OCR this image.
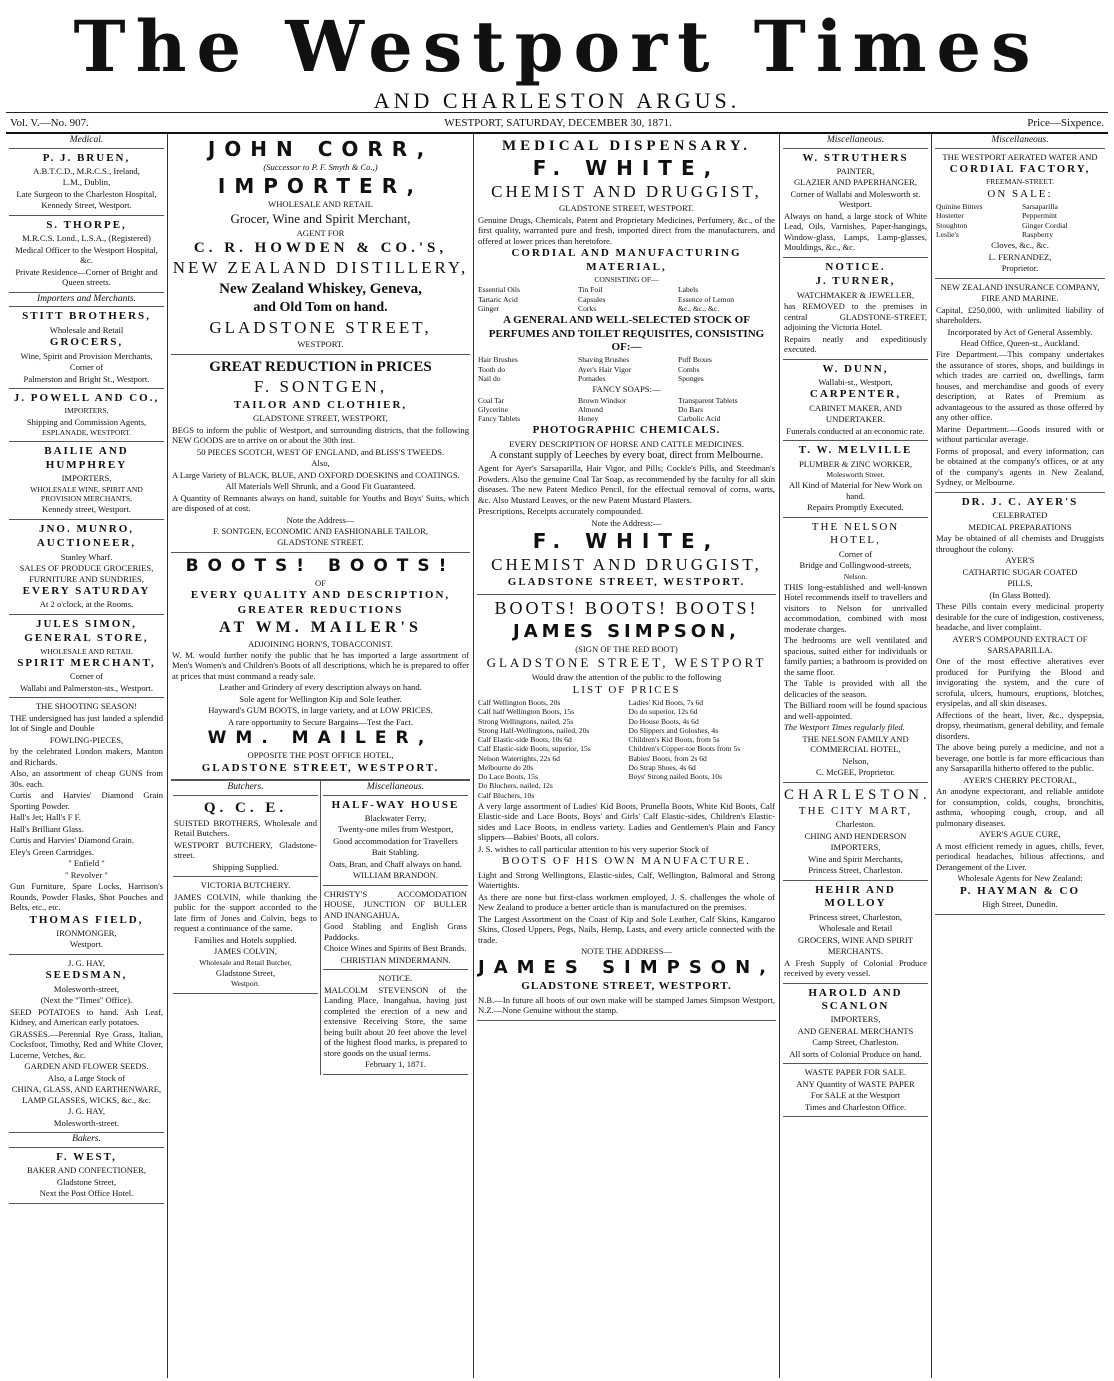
The Westport Times
AND CHARLESTON ARGUS.
Vol. V.—No. 907.	WESTPORT, SATURDAY, DECEMBER 30, 1871.	Price—Sixpence.
Medical.

P. J. BRUEN,

A.B.T.C.D., M.R.C.S., Ireland,

L.M., Dublin,

Late Surgeon to the Charleston Hospital,

Kennedy Street, Westport.

S. THORPE,

M.R.C.S. Lond., L.S.A., (Registered)

Medical Officer to the Westport Hospital, &c.

Private Residence—Corner of Bright and Queen streets.

Importers and Merchants.

STITT BROTHERS,

Wholesale and Retail

GROCERS,

Wine, Spirit and Provision Merchants,

Corner of

Palmerston and Bright St., Westport.

J. POWELL AND CO.,

IMPORTERS,

Shipping and Commission Agents,

ESPLANADE, WESTPORT.

BAILIE AND HUMPHREY

IMPORTERS,

WHOLESALE WINE, SPIRIT AND PROVISION MERCHANTS,

Kennedy street, Westport.

JNO. MUNRO,

AUCTIONEER,

Stanley Wharf.

SALES OF PRODUCE GROCERIES, FURNITURE AND SUNDRIES,

EVERY SATURDAY

At 2 o'clock, at the Rooms.

JULES SIMON,

GENERAL STORE,

WHOLESALE AND RETAIL

SPIRIT MERCHANT,

Corner of

Wallabi and Palmerston-sts., Westport.

THE SHOOTING SEASON!

THE undersigned has just landed a splendid lot of Single and Double

FOWLING-PIECES,

by the celebrated London makers, Manton and Richards.

Also, an assortment of cheap GUNS from 30s. each.

Curtis and Harvies' Diamond Grain Sporting Powder.

Hall's Jet; Hall's F F.

Hall's Brilliant Glass.

Curtis and Harvies' Diamond Grain.

Eley's Green Cartridges.

" Enfield "

" Revolver "

Gun Furniture, Spare Locks, Harrison's Rounds, Powder Flasks, Shot Pouches and Belts, etc., etc.

THOMAS FIELD,

IRONMONGER,

Westport.

J. G. HAY,

SEEDSMAN,

Molesworth-street,

(Next the "Times" Office).

SEED POTATOES to hand. Ash Leaf, Kidney, and American early potatoes.

GRASSES.—Perennial Rye Grass, Italian, Cocksfoot, Timothy, Red and White Clover, Lucerne, Vetches, &c.

GARDEN AND FLOWER SEEDS.

Also, a Large Stock of

CHINA, GLASS, AND EARTHENWARE, LAMP GLASSES, WICKS, &c., &c.

J. G. HAY,

Molesworth-street.

Bakers.

F. WEST,

BAKER AND CONFECTIONER,

Gladstone Street,

Next the Post Office Hotel.

JOHN CORR,

(Successor to P. F. Smyth & Co.,)

IMPORTER,

WHOLESALE AND RETAIL

Grocer, Wine and Spirit Merchant,

AGENT FOR

C. R. HOWDEN & CO.'S,

NEW ZEALAND DISTILLERY,

New Zealand Whiskey, Geneva,

and Old Tom on hand.

GLADSTONE STREET,

WESTPORT.

GREAT REDUCTION in PRICES

F. SONTGEN,

TAILOR AND CLOTHIER,

GLADSTONE STREET, WESTPORT,

BEGS to inform the public of Westport, and surrounding districts, that the following NEW GOODS are to arrive on or about the 30th inst.

50 PIECES SCOTCH, WEST OF ENGLAND, and BLISS'S TWEEDS.

Also,

A Large Variety of BLACK, BLUE, AND OXFORD DOESKINS and COATINGS.

All Materials Well Shrunk, and a Good Fit Guaranteed.

A Quantity of Remnants always on hand, suitable for Youths and Boys' Suits, which are disposed of at cost.

Note the Address—

F. SONTGEN, ECONOMIC AND FASHIONABLE TAILOR,

GLADSTONE STREET.

BOOTS! BOOTS!

OF

EVERY QUALITY AND DESCRIPTION,

GREATER REDUCTIONS

AT WM. MAILER'S

ADJOINING HORN'S, TOBACCONIST.

W. M. would further notify the public that he has imported a large assortment of Men's Women's and Children's Boots of all descriptions, which he is prepared to offer at prices that must command a ready sale.

Leather and Grindery of every description always on hand.

Sole agent for Wellington Kip and Sole leather.

Hayward's GUM BOOTS, in large variety, and at LOW PRICES.

A rare opportunity to Secure Bargains—Test the Fact.

WM. MAILER,

OPPOSITE THE POST OFFICE HOTEL,

GLADSTONE STREET, WESTPORT.

Butchers.

Q. C. E.

SUISTED BROTHERS, Wholesale and Retail Butchers.

WESTPORT BUTCHERY, Gladstone-street.

Shipping Supplied.

VICTORIA BUTCHERY.

JAMES COLVIN, while thanking the public for the support accorded to the late firm of Jones and Colvin, begs to request a continuance of the same.

Families and Hotels supplied.

JAMES COLVIN,

Wholesale and Retail Butcher,

Gladstone Street,

Westport.

Miscellaneous.

HALF-WAY HOUSE

Blackwater Ferry,

Twenty-one miles from Westport,

Good accommodation for Travellers

Bait Stabling.

Oats, Bran, and Chaff always on hand.

WILLIAM BRANDON.

CHRISTY'S ACCOMODATION HOUSE, JUNCTION OF BULLER AND INANGAHUA.

Good Stabling and English Grass Paddocks.

Choice Wines and Spirits of Best Brands.

CHRISTIAN MINDERMANN.

NOTICE.

MALCOLM STEVENSON of the Landing Place, Inangahua, having just completed the erection of a new and extensive Receiving Store, the same being built about 20 feet above the level of the highest flood marks, is prepared to store goods on the usual terms.

February 1, 1871.

MEDICAL DISPENSARY.

F. WHITE,

CHEMIST AND DRUGGIST,

GLADSTONE STREET, WESTPORT.

Genuine Drugs, Chemicals, Patent and Proprietary Medicines, Perfumery, &c., of the first quality, warranted pure and fresh, imported direct from the manufacturers, and offered at lower prices than heretofore.

CORDIAL AND MANUFACTURING MATERIAL,

CONSISTING OF—

Essential Oils	Tin Foil	Labels
Tartaric Acid	Capsules	Essence of Lemon
Ginger	Corks	&c., &c., &c.

A GENERAL AND WELL-SELECTED STOCK OF PERFUMES AND TOILET REQUISITES, CONSISTING OF:—

Hair Brushes	Shaving Brushes	Puff Boxes
Tooth do	Ayer's Hair Vigor	Combs
Nail do	Pomades	Sponges

FANCY SOAPS:—

Coal Tar	Brown Windsor	Transparent Tablets
Glycerine	Almond	Do Bars
Fancy Tablets	Honey	Carbolic Acid

PHOTOGRAPHIC CHEMICALS.

EVERY DESCRIPTION OF HORSE AND CATTLE MEDICINES.

A constant supply of Leeches by every boat, direct from Melbourne.

Agent for Ayer's Sarsaparilla, Hair Vigor, and Pills; Cockle's Pills, and Steedman's Powders. Also the genuine Coal Tar Soap, as recommended by the faculty for all skin diseases. The new Patent Medico Pencil, for the effectual removal of corns, warts, &c. Also Mustard Leaves, or the new Patent Mustard Plasters.

Prescriptions, Receipts accurately compounded.

Note the Address:—

F. WHITE,

CHEMIST AND DRUGGIST,

GLADSTONE STREET, WESTPORT.

BOOTS! BOOTS! BOOTS!

JAMES SIMPSON,

(SIGN OF THE RED BOOT)

GLADSTONE STREET, WESTPORT

Would draw the attention of the public to the following

LIST OF PRICES

Calf Wellington Boots, 20s
Calf half Wellington Boots, 15s
Strong Wellingtons, nailed, 25s
Strong Half-Wellingtons, nailed, 20s
Calf Elastic-side Boots, 10s 6d
Calf Elastic-side Boots, superior, 15s
Nelson Watertights, 22s 6d
Melbourne do 20s
Do Lace Boots, 15s
Do Bluchers, nailed, 12s
Calf Bluchers, 10s
Ladies' Kid Boots, 7s 6d
Do do superior, 12s 6d
Do House Boots, 4s 6d
Do Slippers and Goloshes, 4s
Children's Kid Boots, from 5s
Children's Copper-toe Boots from 5s
Babies' Boots, from 2s 6d
Do Strap Shoes, 4s 6d
Boys' Strong nailed Boots, 10s

A very large assortment of Ladies' Kid Boots, Prunella Boots, White Kid Boots, Calf Elastic-side and Lace Boots, Boys' and Girls' Calf Elastic-sides, Children's Elastic-sides and Lace Boots, in endless variety. Ladies and Gentlemen's Plain and Fancy slippers—Babies' Boots, all colors.

J. S. wishes to call particular attention to his very superior Stock of

BOOTS OF HIS OWN MANUFACTURE.

Light and Strong Wellingtons, Elastic-sides, Calf, Wellington, Balmoral and Strong Watertights.

As there are none but first-class workmen employed, J. S. challenges the whole of New Zealand to produce a better article than is manufactured on the premises.

The Largest Assortment on the Coast of Kip and Sole Leather, Calf Skins, Kangaroo Skins, Closed Uppers, Pegs, Nails, Hemp, Lasts, and every article connected with the trade.

NOTE THE ADDRESS—

JAMES SIMPSON,

GLADSTONE STREET, WESTPORT.

N.B.—In future all boots of our own make will be stamped James Simpson Westport, N.Z.—None Genuine without the stamp.

Miscellaneous.

W. STRUTHERS

PAINTER,

GLAZIER AND PAPERHANGER,

Corner of Wallabi and Molesworth st. Westport.

Always on hand, a large stock of White Lead, Oils, Varnishes, Paper-hangings, Window-glass, Lamps, Lamp-glasses, Mouldings, &c., &c.

NOTICE.

J. TURNER,

WATCHMAKER & JEWELLER,

has REMOVED to the premises in central GLADSTONE-STREET, adjoining the Victoria Hotel.

Repairs neatly and expeditiously executed.

W. DUNN,

Wallabi-st., Westport,

CARPENTER,

CABINET MAKER, AND

UNDERTAKER.

Funerals conducted at an economic rate.

T. W. MELVILLE

PLUMBER & ZINC WORKER,

Molesworth Street.

All Kind of Material for New Work on hand.

Repairs Promptly Executed.

THE NELSON HOTEL,

Corner of

Bridge and Collingwood-streets,

Nelson.

THIS long-established and well-known Hotel recommends itself to travellers and visitors to Nelson for unrivalled accommodation, combined with most moderate charges.

The bedrooms are well ventilated and spacious, suited either for individuals or family parties; a bathroom is provided on the same floor.

The Table is provided with all the delicacies of the season.

The Billiard room will be found spacious and well-appointed.

The Westport Times regularly filed.

THE NELSON FAMILY AND COMMERCIAL HOTEL,

Nelson,

C. McGEE, Proprietor.

CHARLESTON.

THE CITY MART,

Charleston.

CHING AND HENDERSON

IMPORTERS,

Wine and Spirit Merchants,

Princess Street, Charleston.

HEHIR AND MOLLOY

Princess street, Charleston,

Wholesale and Retail

GROCERS, WINE AND SPIRIT

MERCHANTS.

A Fresh Supply of Colonial Produce received by every vessel.

HAROLD AND SCANLON

IMPORTERS,

AND GENERAL MERCHANTS

Camp Street, Charleston.

All sorts of Colonial Produce on hand.

WASTE PAPER FOR SALE.

ANY Quantity of WASTE PAPER

For SALE at the Westport

Times and Charleston Office.

Miscellaneous.

THE WESTPORT AERATED WATER AND

CORDIAL FACTORY,

FREEMAN-STREET.

ON SALE:

Quinine Bitters	Sarsaparilla
Hostetter	Peppermint
Stoughton	Ginger Cordial
Leslie's	Raspberry

Cloves, &c., &c.

L. FERNANDEZ,

Proprietor.

NEW ZEALAND INSURANCE COMPANY,

FIRE AND MARINE.

Capital, £250,000, with unlimited liability of shareholders.

Incorporated by Act of General Assembly.

Head Office, Queen-st., Auckland.

Fire Department.—This company undertakes the assurance of stores, shops, and buildings in which trades are carried on, dwellings, farm houses, and merchandise and goods of every description, at Rates of Premium as advantageous to the assured as those offered by any other office.

Marine Department.—Goods insured with or without particular average.

Forms of proposal, and every information, can be obtained at the company's offices, or at any of the company's agents in New Zealand, Sydney, or Melbourne.

DR. J. C. AYER'S

CELEBRATED

MEDICAL PREPARATIONS

May be obtained of all chemists and Druggists throughout the colony.

AYER'S

CATHARTIC SUGAR COATED

PILLS,

(In Glass Botted).

These Pills contain every medicinal property desirable for the cure of indigestion, costiveness, headache, and liver complaint.

AYER'S COMPOUND EXTRACT OF

SARSAPARILLA.

One of the most effective alteratives ever produced for Purifying the Blood and invigorating the system, and the cure of scrofula, ulcers, humours, eruptions, blotches, erysipelas, and all skin diseases.

Affections of the heart, liver, &c., dyspepsia, dropsy, rheumatism, general debility, and female disorders.

The above being purely a medicine, and not a beverage, one bottle is far more efficacious than any Sarsaparilla hitherto offered to the public.

AYER'S CHERRY PECTORAL,

An anodyne expectorant, and reliable antidote for consumption, colds, coughs, bronchitis, asthma, whooping cough, croup, and all pulmonary diseases.

AYER'S AGUE CURE,

A most efficient remedy in agues, chills, fever, periodical headaches, bilious affections, and Derangement of the Liver.

Wholesale Agents for New Zealand:

P. HAYMAN & CO

High Street, Dunedin.
